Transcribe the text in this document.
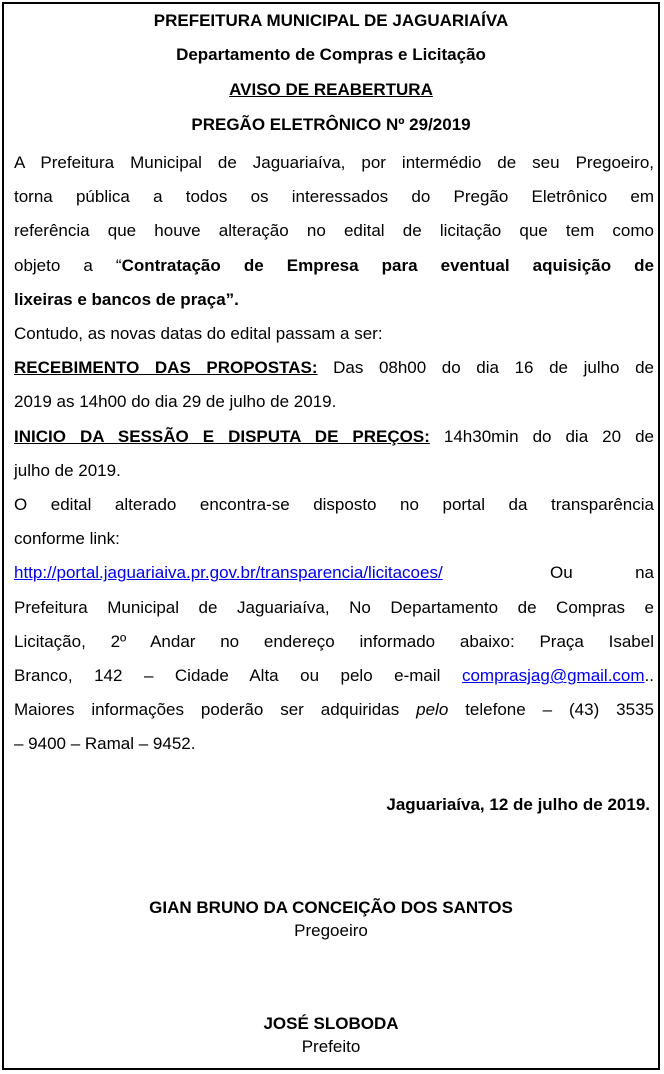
PREFEITURA MUNICIPAL DE JAGUARIAÍVA
Departamento de Compras e Licitação
AVISO DE REABERTURA
PREGÃO ELETRÔNICO Nº 29/2019

A Prefeitura Municipal de Jaguariaíva, por intermédio de seu Pregoeiro,

torna pública a todos os interessados do Pregão Eletrônico em

referência que houve alteração no edital de licitação que tem como

objeto a “Contratação de Empresa para eventual aquisição de

lixeiras e bancos de praça”.

Contudo, as novas datas do edital passam a ser:

RECEBIMENTO DAS PROPOSTAS: Das 08h00 do dia 16 de julho de

2019 as 14h00 do dia 29 de julho de 2019.

INICIO DA SESSÃO E DISPUTA DE PREÇOS: 14h30min do dia 20 de

julho de 2019.

O edital alterado encontra-se disposto no portal da transparência

conforme link:

http://portal.jaguariaiva.pr.gov.br/transparencia/licitacoes/	Ou	na

Prefeitura Municipal de Jaguariaíva, No Departamento de Compras e

Licitação, 2º Andar no endereço informado abaixo: Praça Isabel

Branco, 142 – Cidade Alta ou pelo e-mail comprasjag@gmail.com..

Maiores informações poderão ser adquiridas pelo telefone – (43) 3535

– 9400 – Ramal – 9452.

Jaguariaíva, 12 de julho de 2019.
GIAN BRUNO DA CONCEIÇÃO DOS SANTOS
Pregoeiro
JOSÉ SLOBODA
Prefeito
